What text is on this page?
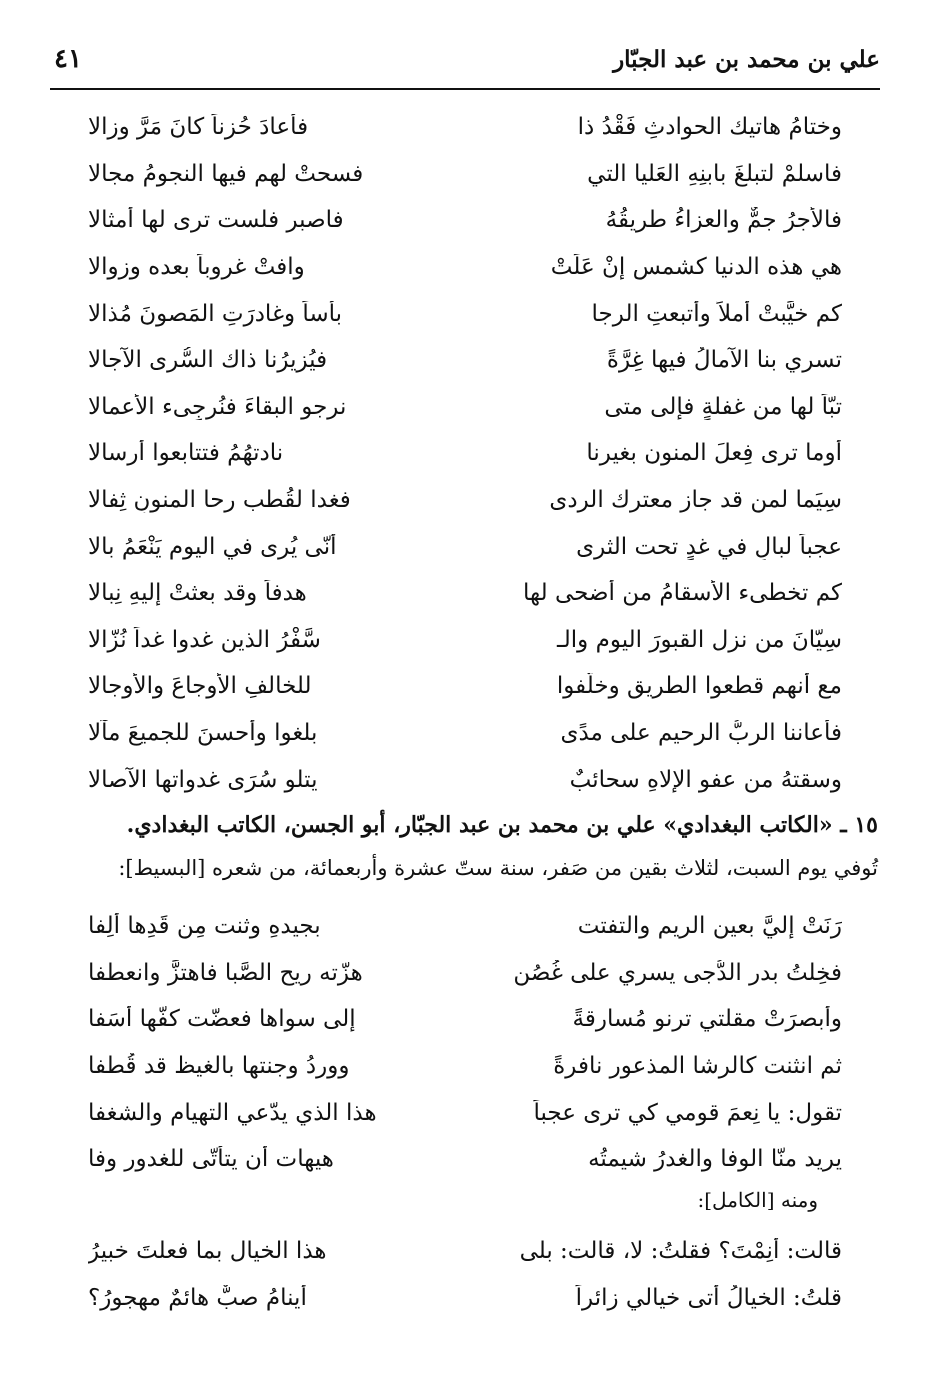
علي بن محمد بن عبد الجبّار
٤١
وختامُ هاتيك الحوادثِ فَقْدُ ذا
فأعادَ حُزناً كانَ مَرَّ وزالا
فاسلمْ لتبلغَ بابنِهِ العَليا التي
فسحتْ لهم فيها النجومُ مجالا
فالأجرُ جمٌّ والعزاءُ طريقُهُ
فاصبر فلست ترى لها أمثالا
هي هذه الدنيا كشمسٍ إنْ عَلَتْ
وافتْ غروباً بعده وزوالا
كم خيَّبتْ أملاً وأتبعتِ الرجا
بأساً وغادرَتِ المَصونَ مُذالا
تسري بنا الآمالُ فيها غِرَّةً
فيُزيرُنا ذاك السُّرى الآجالا
تبّاً لها من غفلةٍ فإلى متى
نرجو البقاءَ فنُرجِىء الأعمالا
أوما ترى فِعلَ المنون بغيرنا
نادتهُمُ فتتابعوا أرسالا
سِيَما لمن قد جاز معترك الردى
فغدا لقُطب رحا المنونِ ثِفالا
عجباً لبالٍ في غدٍ تحت الثرى
أنّى يُرى في اليوم يَنْعَمُ بالا
كم تخطىء الأسقامُ من أضحى لها
هدفاً وقد بعثتْ إليهِ نِبالا
سِيّانَ من نزل القبورَ اليوم والـ
سَّفْرُ الذين غدوا غداً نُزّالا
مع أنهم قطعوا الطريق وخلَّفوا
للخالفِ الأوجاعَ والأوجالا
فأعاننا الربُّ الرحيم على مدًى
بلغوا وأحسنَ للجميعَ مآلا
وسقتهُ من عفوِ الإلاهِ سحائبٌ
يتلو سُرَى غدواتها الآصالا
١٥ ـ «الكاتب البغدادي» علي بن محمد بن عبد الجبّار، أبو الجسن، الكاتب البغدادي.
تُوفي يوم السبت، لثلاث بقين من صَفر، سنة ستّ عشرة وأربعمائة، من شعره [البسيط]:
رَنَتْ إليَّ بعين الريمِ والتفتت
بجيدهِ وثنت مِن قَدِها ألِفا
فخِلتُ بدر الدُّجى يسري على غُصُنٍ
هزّته ريح الصَّبا فاهتزَّ وانعطفا
وأبصرَتْ مقلتي ترنو مُسارقةً
إلى سواها فعضّت كفَّها أسَفا
ثم انثنت كالرشا المذعور نافرةً
وورِدُ وجنتها بالغيظ قد قُطفا
تقول: يا نِعمَ قومي كي ترى عجباً
هذا الذي يدّعي التهيام والشغفا
يريد منّا الوفا والغدرُ شيمتُه
هيهات أن يتأتّى للغدورِ وفا
ومنه [الكامل]:
قالت: أنِمْتَ؟ فقلتُ: لا، قالت: بلى
هذا الخيال بما فعلتَ خبيرُ
قلتُ: الخيالُ أتى خيالي زائراً
أينامُ صبٌّ هائمٌ مهجورُ؟
